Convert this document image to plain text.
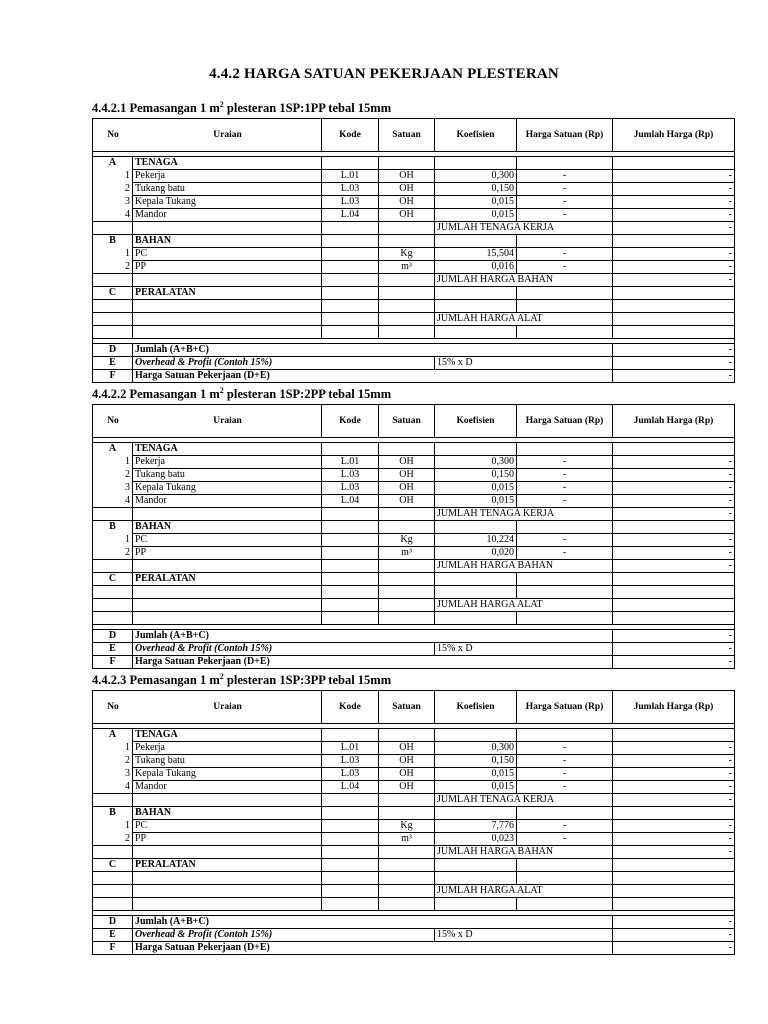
4.4.2 HARGA SATUAN PEKERJAAN PLESTERAN
4.4.2.1 Pemasangan 1 $m^2$ plesteran 1SP:1PP tebal 15mm
No Uraian		Kode	Satuan	Koefisien	Harga Satuan (Rp)	Jumlah Harga (Rp)

A	TENAGA					
1	Pekerja	L.01	OH	0,300	-	-
2	Tukang batu	L.03	OH	0,150	-	-
3	Kepala Tukang	L.03	OH	0,015	-	-
4	Mandor	L.04	OH	0,015	-	-
				JUMLAH TENAGA KERJA		-
B	BAHAN					
1	PC		Kg	15,504	-	-
2	PP		m³	0,016	-	-
				JUMLAH HARGA BAHAN		-
C	PERALATAN					

				JUMLAH HARGA ALAT		

D	Jumlah (A+B+C)					-
E	Overhead & Profit (Contoh 15%)			15% x D		-
F	Harga Satuan Pekerjaan (D+E)					-
4.4.2.2 Pemasangan 1 $m^2$ plesteran 1SP:2PP tebal 15mm
No Uraian		Kode	Satuan	Koefisien	Harga Satuan (Rp)	Jumlah Harga (Rp)

A	TENAGA					
1	Pekerja	L.01	OH	0,300	-	-
2	Tukang batu	L.03	OH	0,150	-	-
3	Kepala Tukang	L.03	OH	0,015	-	-
4	Mandor	L.04	OH	0,015	-	-
				JUMLAH TENAGA KERJA		-
B	BAHAN					
1	PC		Kg	10,224	-	-
2	PP		m³	0,020	-	-
				JUMLAH HARGA BAHAN		-
C	PERALATAN					

				JUMLAH HARGA ALAT		

D	Jumlah (A+B+C)					-
E	Overhead & Profit (Contoh 15%)			15% x D		-
F	Harga Satuan Pekerjaan (D+E)					-
4.4.2.3 Pemasangan 1 $m^2$ plesteran 1SP:3PP tebal 15mm
No Uraian		Kode	Satuan	Koefisien	Harga Satuan (Rp)	Jumlah Harga (Rp)

A	TENAGA					
1	Pekerja	L.01	OH	0,300	-	-
2	Tukang batu	L.03	OH	0,150	-	-
3	Kepala Tukang	L.03	OH	0,015	-	-
4	Mandor	L.04	OH	0,015	-	-
				JUMLAH TENAGA KERJA		-
B	BAHAN					
1	PC		Kg	7,776	-	-
2	PP		m³	0,023	-	-
				JUMLAH HARGA BAHAN		-
C	PERALATAN					

				JUMLAH HARGA ALAT		

D	Jumlah (A+B+C)					-
E	Overhead & Profit (Contoh 15%)			15% x D		-
F	Harga Satuan Pekerjaan (D+E)					-
